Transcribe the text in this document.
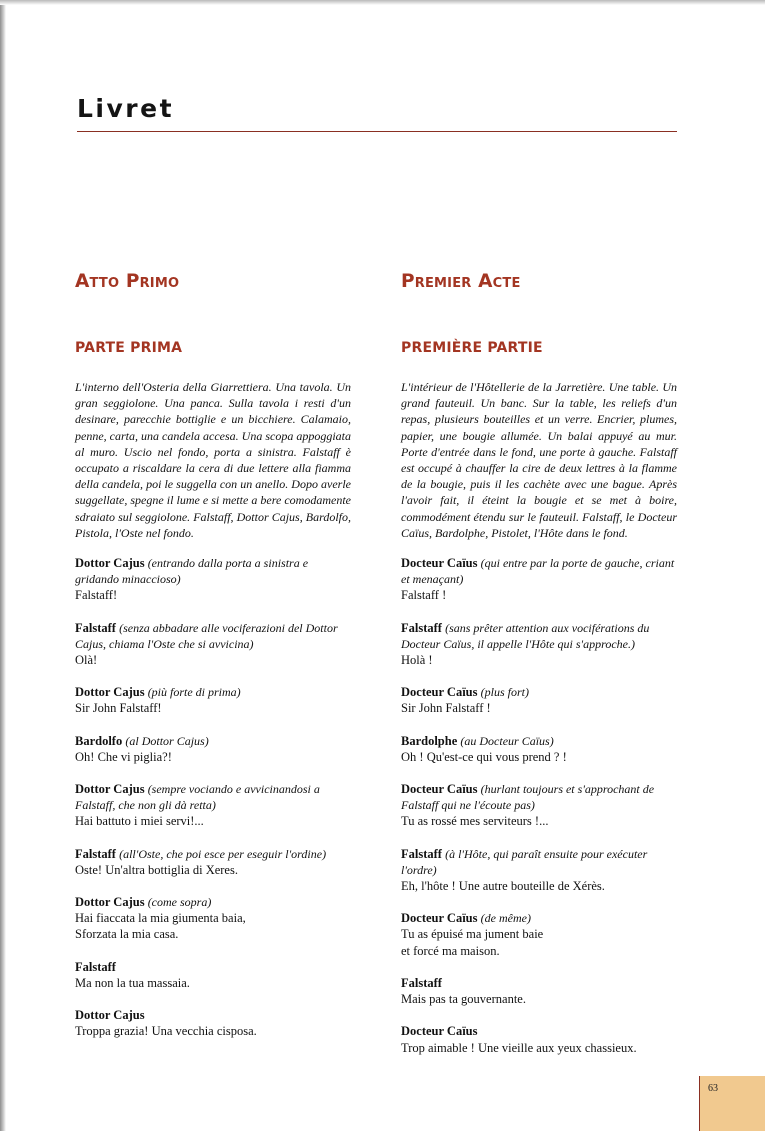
Livret
Atto Primo
PARTE PRIMA

L'interno dell'Osteria della Giarrettiera. Una tavola. Un gran seggiolone. Una panca. Sulla tavola i resti d'un desinare, parecchie bottiglie e un bicchiere. Calamaio, penne, carta, una candela accesa. Una scopa appoggiata al muro. Uscio nel fondo, porta a sinistra. Falstaff è occupato a riscaldare la cera di due lettere alla fiamma della candela, poi le suggella con un anello. Dopo averle suggellate, spegne il lume e si mette a bere comodamente sdraiato sul seggiolone. Falstaff, Dottor Cajus, Bardolfo, Pistola, l'Oste nel fondo.

Dottor Cajus (entrando dalla porta a sinistra e gridando minaccioso)
Falstaff!
Falstaff (senza abbadare alle vociferazioni del Dottor Cajus, chiama l'Oste che si avvicina)
Olà!
Dottor Cajus (più forte di prima)
Sir John Falstaff!
Bardolfo (al Dottor Cajus)
Oh! Che vi piglia?!
Dottor Cajus (sempre vociando e avvicinandosi a Falstaff, che non gli dà retta)
Hai battuto i miei servi!...
Falstaff (all'Oste, che poi esce per eseguir l'ordine)
Oste! Un'altra bottiglia di Xeres.
Dottor Cajus (come sopra)
Hai fiaccata la mia giumenta baia,
Sforzata la mia casa.
Falstaff
Ma non la tua massaia.
Dottor Cajus
Troppa grazia! Una vecchia cisposa.
Premier Acte
PREMIÈRE PARTIE

L'intérieur de l'Hôtellerie de la Jarretière. Une table. Un grand fauteuil. Un banc. Sur la table, les reliefs d'un repas, plusieurs bouteilles et un verre. Encrier, plumes, papier, une bougie allumée. Un balai appuyé au mur. Porte d'entrée dans le fond, une porte à gauche. Falstaff est occupé à chauffer la cire de deux lettres à la flamme de la bougie, puis il les cachète avec une bague. Après l'avoir fait, il éteint la bougie et se met à boire, commodément étendu sur le fauteuil. Falstaff, le Docteur Caïus, Bardolphe, Pistolet, l'Hôte dans le fond.

Docteur Caïus (qui entre par la porte de gauche, criant et menaçant)
Falstaff !
Falstaff (sans prêter attention aux vociférations du Docteur Caïus, il appelle l'Hôte qui s'approche.)
Holà !
Docteur Caïus (plus fort)
Sir John Falstaff !
Bardolphe (au Docteur Caïus)
Oh ! Qu'est-ce qui vous prend ? !
Docteur Caïus (hurlant toujours et s'approchant de Falstaff qui ne l'écoute pas)
Tu as rossé mes serviteurs !...
Falstaff (à l'Hôte, qui paraît ensuite pour exécuter l'ordre)
Eh, l'hôte ! Une autre bouteille de Xérès.
Docteur Caïus (de même)
Tu as épuisé ma jument baie
et forcé ma maison.
Falstaff
Mais pas ta gouvernante.
Docteur Caïus
Trop aimable ! Une vieille aux yeux chassieux.
63
